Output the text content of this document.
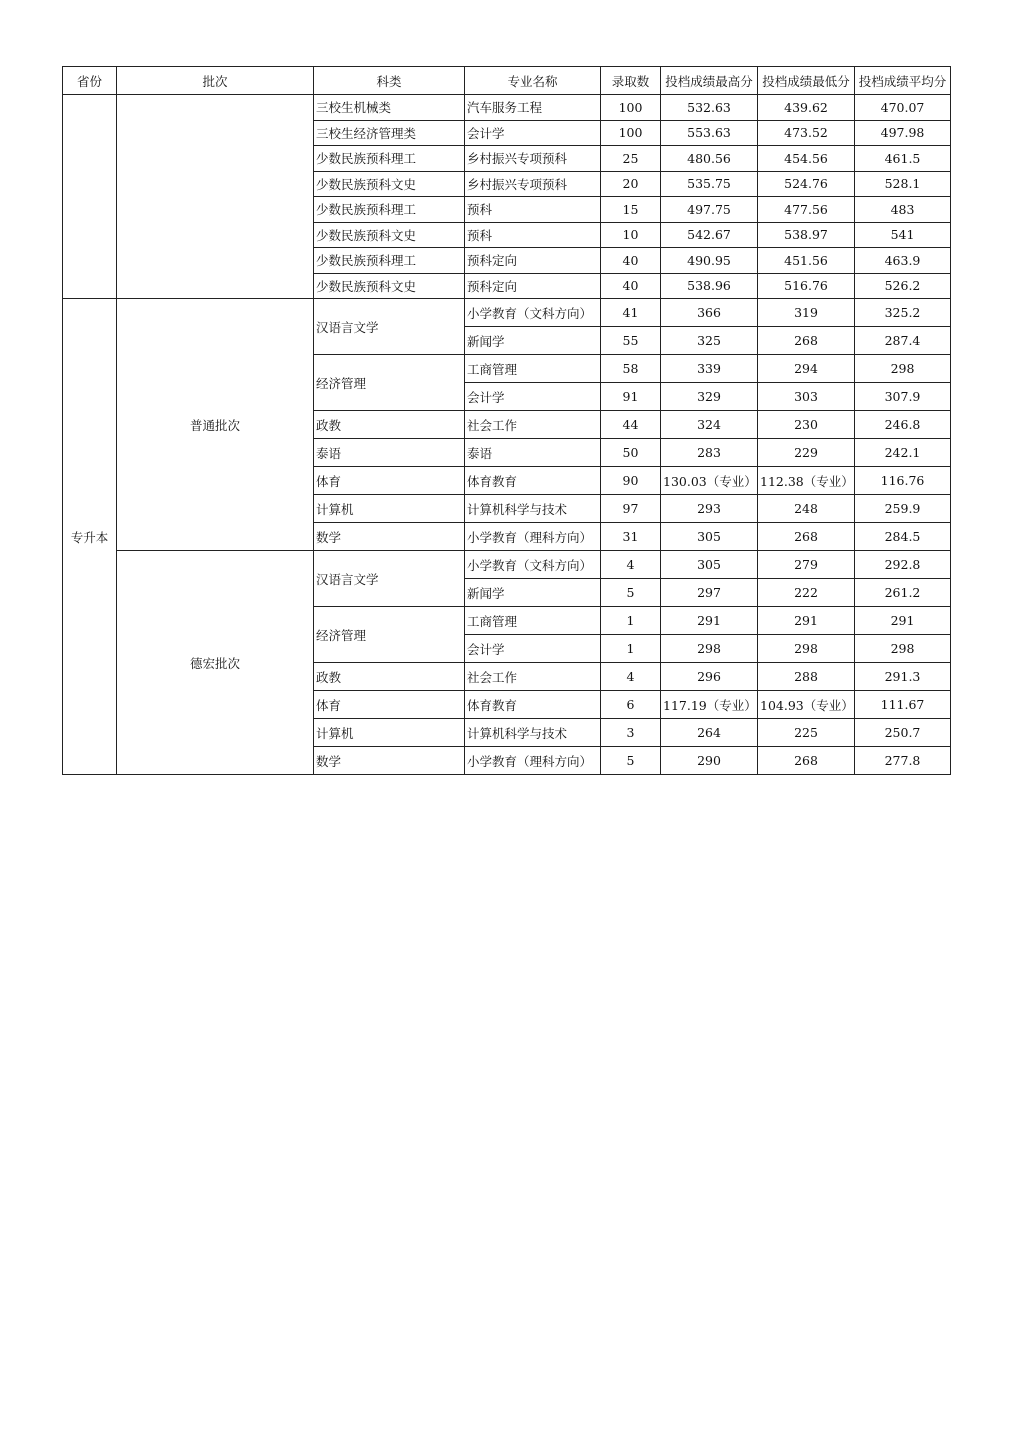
省份	批次	科类	专业名称	录取数	投档成绩最高分	投档成绩最低分	投档成绩平均分
		三校生机械类	汽车服务工程	100	532.63	439.62	470.07
		三校生经济管理类	会计学	100	553.63	473.52	497.98
		少数民族预科理工	乡村振兴专项预科	25	480.56	454.56	461.5
		少数民族预科文史	乡村振兴专项预科	20	535.75	524.76	528.1
		少数民族预科理工	预科	15	497.75	477.56	483
		少数民族预科文史	预科	10	542.67	538.97	541
		少数民族预科理工	预科定向	40	490.95	451.56	463.9
		少数民族预科文史	预科定向	40	538.96	516.76	526.2
专升本	普通批次	汉语言文学	小学教育（文科方向）	41	366	319	325.2
			新闻学	55	325	268	287.4
		经济管理	工商管理	58	339	294	298
			会计学	91	329	303	307.9
		政教	社会工作	44	324	230	246.8
		泰语	泰语	50	283	229	242.1
		体育	体育教育	90	130.03（专业）	112.38（专业）	116.76
		计算机	计算机科学与技术	97	293	248	259.9
		数学	小学教育（理科方向）	31	305	268	284.5
	德宏批次	汉语言文学	小学教育（文科方向）	4	305	279	292.8
			新闻学	5	297	222	261.2
		经济管理	工商管理	1	291	291	291
			会计学	1	298	298	298
		政教	社会工作	4	296	288	291.3
		体育	体育教育	6	117.19（专业）	104.93（专业）	111.67
		计算机	计算机科学与技术	3	264	225	250.7
		数学	小学教育（理科方向）	5	290	268	277.8
